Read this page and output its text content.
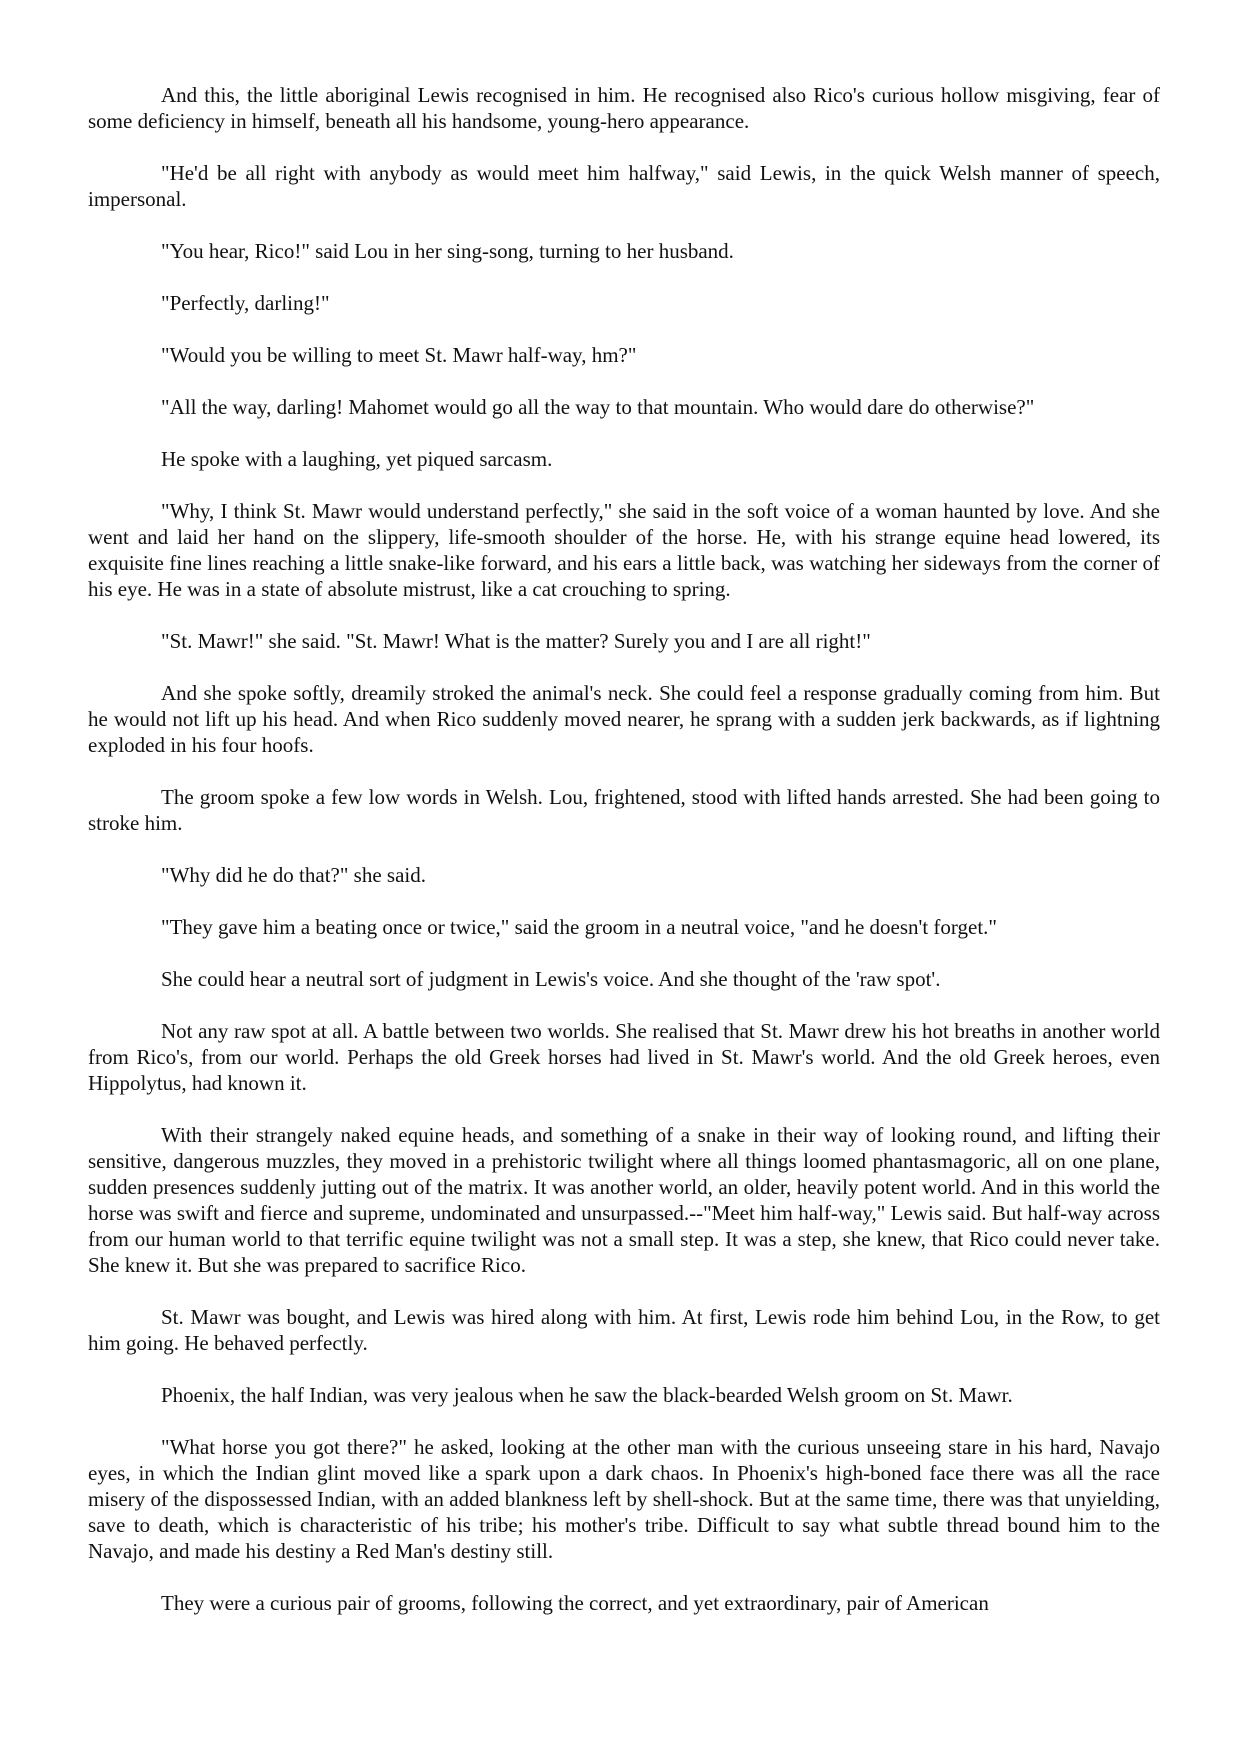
And this, the little aboriginal Lewis recognised in him. He recognised also Rico's curious hollow misgiving, fear of some deficiency in himself, beneath all his handsome, young-hero appearance.

"He'd be all right with anybody as would meet him halfway," said Lewis, in the quick Welsh manner of speech, impersonal.

"You hear, Rico!" said Lou in her sing-song, turning to her husband.

"Perfectly, darling!"

"Would you be willing to meet St. Mawr half-way, hm?"

"All the way, darling! Mahomet would go all the way to that mountain. Who would dare do otherwise?"

He spoke with a laughing, yet piqued sarcasm.

"Why, I think St. Mawr would understand perfectly," she said in the soft voice of a woman haunted by love. And she went and laid her hand on the slippery, life-smooth shoulder of the horse. He, with his strange equine head lowered, its exquisite fine lines reaching a little snake-like forward, and his ears a little back, was watching her sideways from the corner of his eye. He was in a state of absolute mistrust, like a cat crouching to spring.

"St. Mawr!" she said. "St. Mawr! What is the matter? Surely you and I are all right!"

And she spoke softly, dreamily stroked the animal's neck. She could feel a response gradually coming from him. But he would not lift up his head. And when Rico suddenly moved nearer, he sprang with a sudden jerk backwards, as if lightning exploded in his four hoofs.

The groom spoke a few low words in Welsh. Lou, frightened, stood with lifted hands arrested. She had been going to stroke him.

"Why did he do that?" she said.

"They gave him a beating once or twice," said the groom in a neutral voice, "and he doesn't forget."

She could hear a neutral sort of judgment in Lewis's voice. And she thought of the 'raw spot'.

Not any raw spot at all. A battle between two worlds. She realised that St. Mawr drew his hot breaths in another world from Rico's, from our world. Perhaps the old Greek horses had lived in St. Mawr's world. And the old Greek heroes, even Hippolytus, had known it.

With their strangely naked equine heads, and something of a snake in their way of looking round, and lifting their sensitive, dangerous muzzles, they moved in a prehistoric twilight where all things loomed phantasmagoric, all on one plane, sudden presences suddenly jutting out of the matrix. It was another world, an older, heavily potent world. And in this world the horse was swift and fierce and supreme, undominated and unsurpassed.--"Meet him half-way," Lewis said. But half-way across from our human world to that terrific equine twilight was not a small step. It was a step, she knew, that Rico could never take. She knew it. But she was prepared to sacrifice Rico.

St. Mawr was bought, and Lewis was hired along with him. At first, Lewis rode him behind Lou, in the Row, to get him going. He behaved perfectly.

Phoenix, the half Indian, was very jealous when he saw the black-bearded Welsh groom on St. Mawr.

"What horse you got there?" he asked, looking at the other man with the curious unseeing stare in his hard, Navajo eyes, in which the Indian glint moved like a spark upon a dark chaos. In Phoenix's high-boned face there was all the race misery of the dispossessed Indian, with an added blankness left by shell-shock. But at the same time, there was that unyielding, save to death, which is characteristic of his tribe; his mother's tribe. Difficult to say what subtle thread bound him to the Navajo, and made his destiny a Red Man's destiny still.

They were a curious pair of grooms, following the correct, and yet extraordinary, pair of American
